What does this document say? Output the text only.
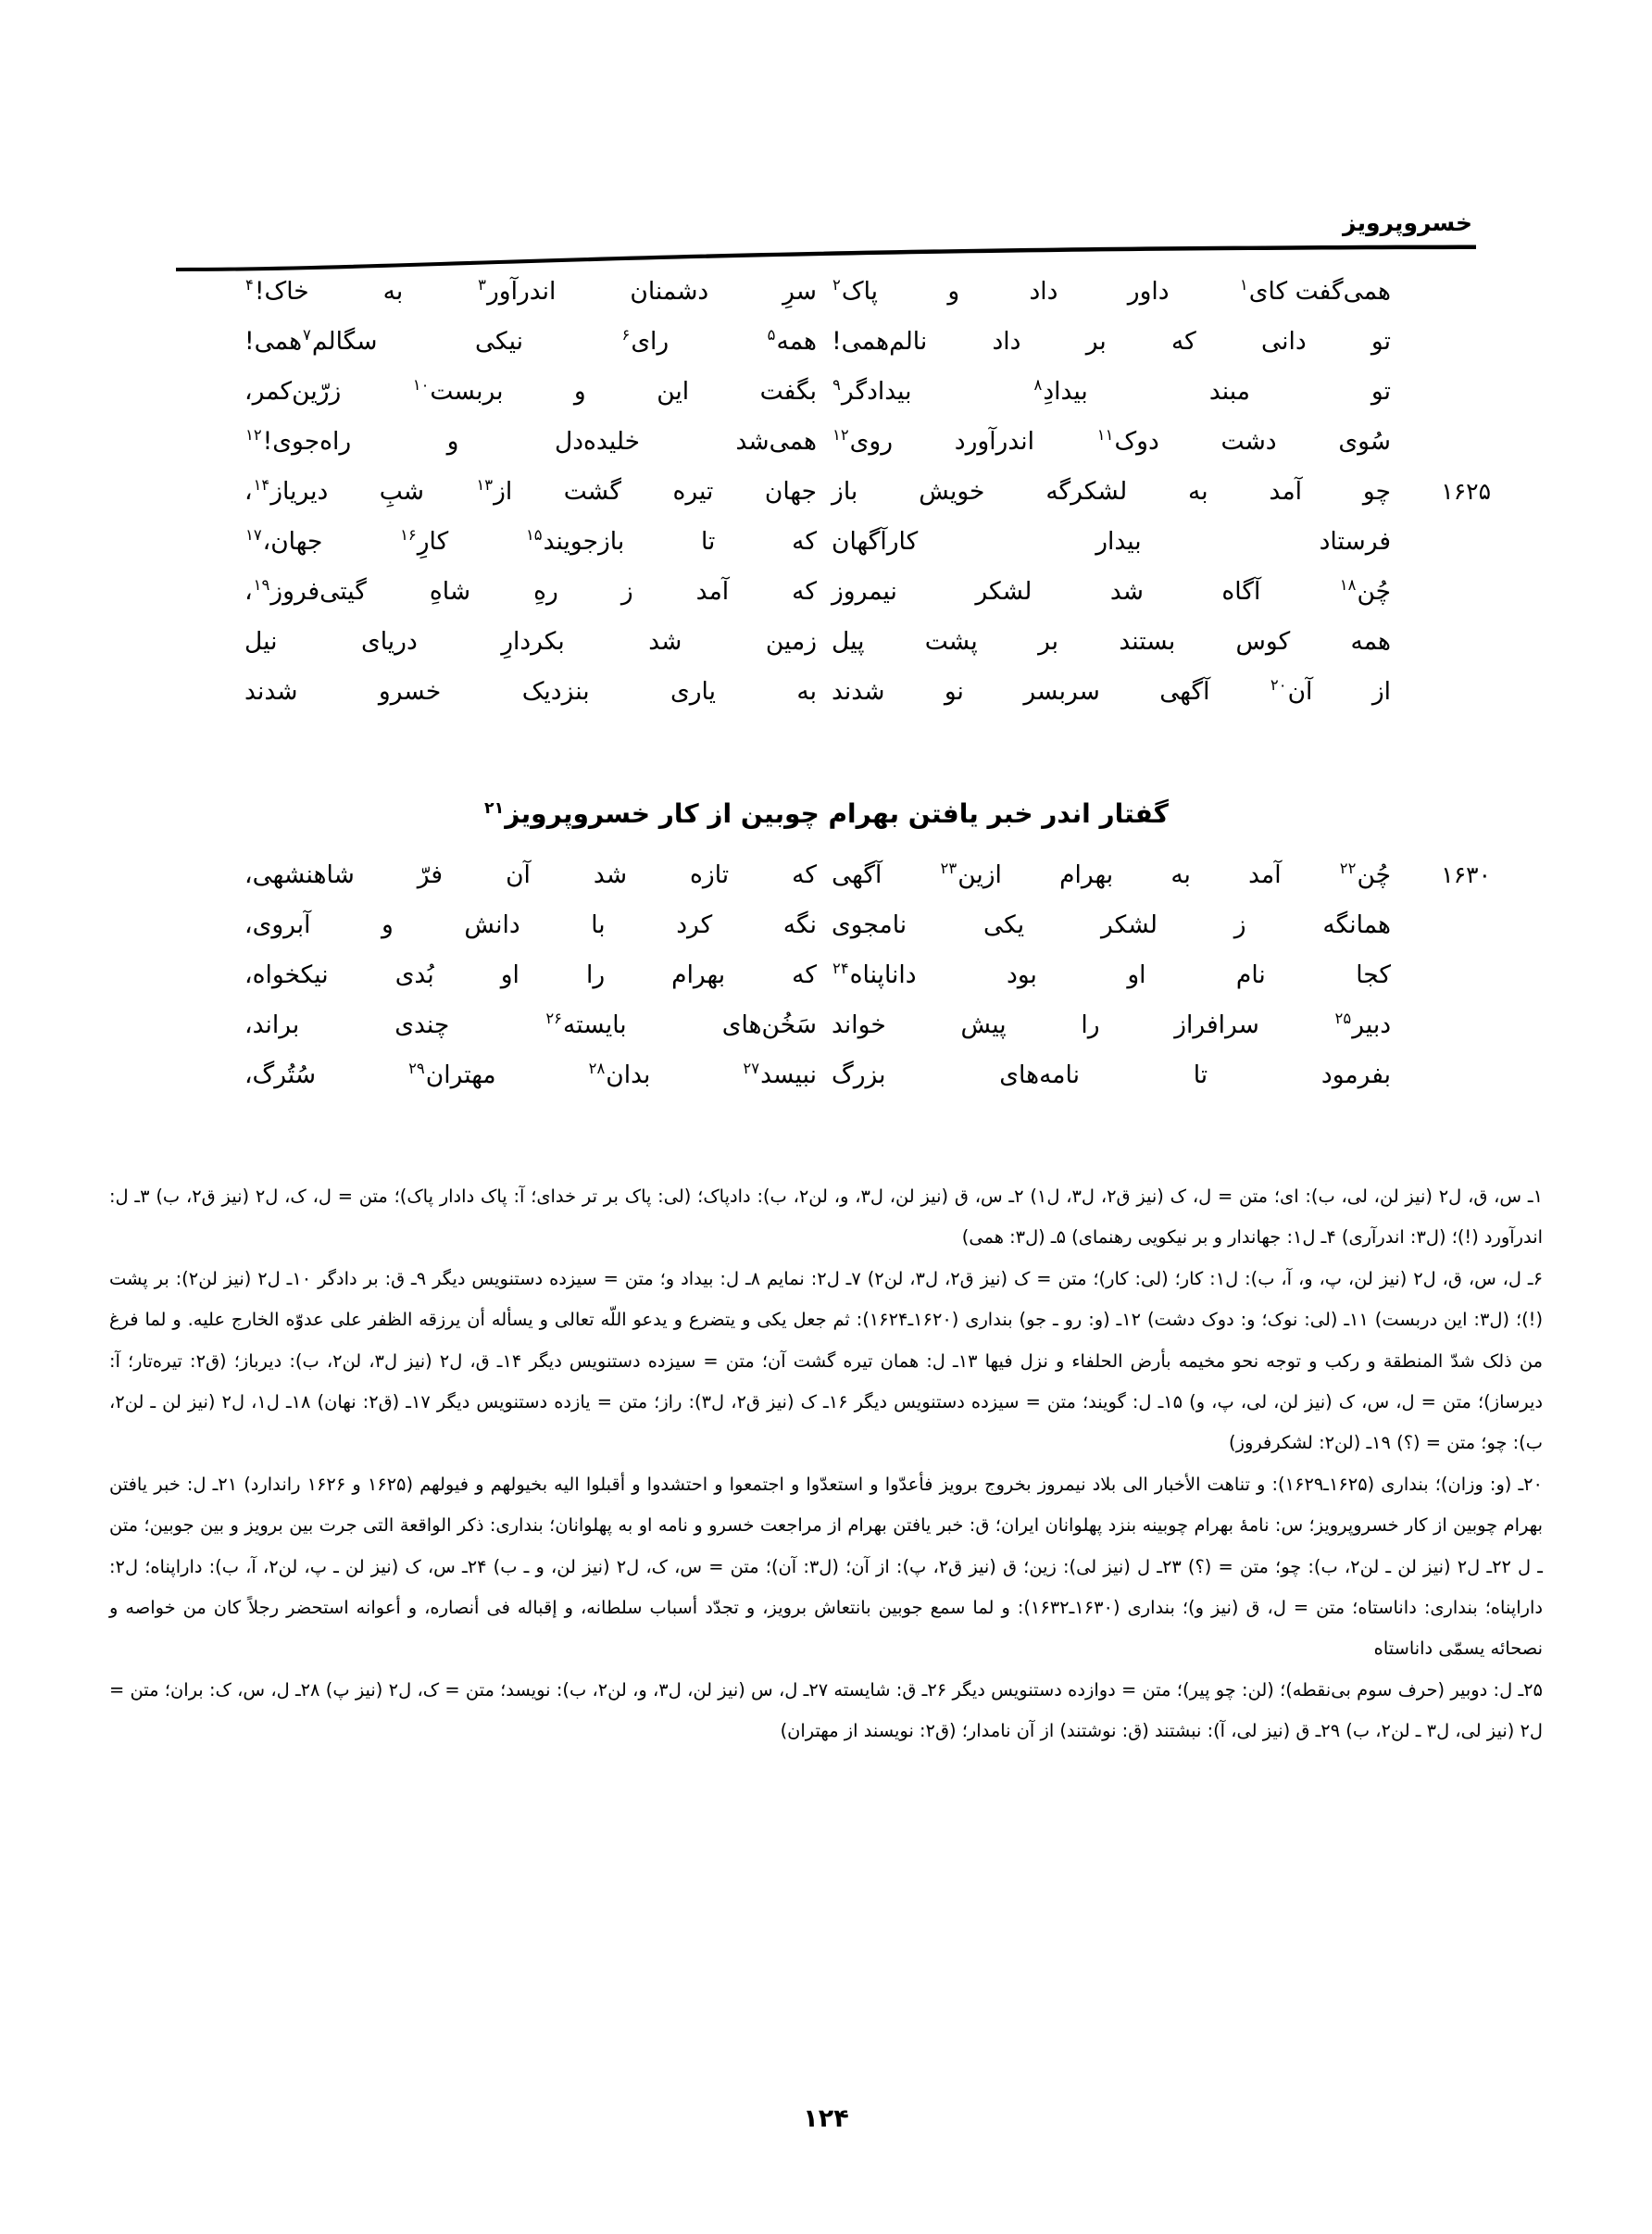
خسروپرویز
همی‌گفت کای$^۱$
داور
داد
و
پاک$^۲$
سرِ
دشمنان
اندرآور$^۳$
به
خاک!$^۴$
تو
دانی
که
بر
داد
نالم‌همی!
همه$^۵$
رای$^۶$
نیکی
سگالم$^۷$همی!
تو
مبند
بیدادِ$^۸$
بیدادگر$^۹$
بگفت
این
و
بربست$^{۱۰}$
زرّین‌کمر،
سُوی
دشت
دوک$^{۱۱}$
اندرآورد
روی$^{۱۲}$
همی‌شد
خلیده‌دل
و
راه‌جوی!$^{۱۲}$
۱۶۲۵
چو
آمد
به
لشکرگه
خویش
باز
جهان
تیره
گشت
از$^{۱۳}$
شبِ
دیریاز$^{۱۴}$،
فرستاد
بیدار
کارآگهان
که
تا
بازجویند$^{۱۵}$
کارِ$^{۱۶}$
جهان،$^{۱۷}$
چُن$^{۱۸}$
آگاه
شد
لشکر
نیمروز
که
آمد
ز
رهِ
شاهِ
گیتی‌فروز$^{۱۹}$،
همه
کوس
بستند
بر
پشت
پیل
زمین
شد
بکردارِ
دریای
نیل
از
آن$^{۲۰}$
آگهی
سربسر
نو
شدند
به
یاری
بنزدیک
خسرو
شدند
گفتار اندر خبر یافتن بهرام چوبین از کار خسروپرویز$^{۲۱}$
۱۶۳۰
چُن$^{۲۲}$
آمد
به
بهرام
ازین$^{۲۳}$
آگهی
که
تازه
شد
آن
فرّ
شاهنشهی،
همانگه
ز
لشکر
یکی
نامجوی
نگه
کرد
با
دانش
و
آبروی،
کجا
نام
او
بود
داناپناه$^{۲۴}$
که
بهرام
را
او
بُدی
نیکخواه،
دبیر$^{۲۵}$
سرافراز
را
پیش
خواند
سَخُن‌های
بایسته$^{۲۶}$
چندی
براند،
بفرمود
تا
نامه‌های
بزرگ
نبیسد$^{۲۷}$
بدان$^{۲۸}$
مهتران$^{۲۹}$
سُتُرگ،

۱ـ س، ق، ل۲ (نیز لن، لی، ب): ای؛ متن = ل، ک (نیز ق۲، ل۳، ل۱) ۲ـ س، ق (نیز لن، ل۳، و، لن۲، ب): دادپاک؛ (لی: پاک بر تر خدای؛ آ: پاک دادار پاک)؛ متن = ل، ک، ل۲ (نیز ق۲، ب) ۳ـ ل: اندرآورد (!)؛ (ل۳: اندرآری) ۴ـ ل۱: جهاندار و بر نیکویی رهنمای) ۵ـ (ل۳: همی)

۶ـ ل، س، ق، ل۲ (نیز لن، پ، و، آ، ب): ل۱: کار؛ (لی: کار)؛ متن = ک (نیز ق۲، ل۳، لن۲) ۷ـ ل۲: نمایم ۸ـ ل: بیداد و؛ متن = سیزده دستنویس دیگر ۹ـ ق: بر دادگر ۱۰ـ ل۲ (نیز لن۲): بر پشت (!)؛ (ل۳: این دربست) ۱۱ـ (لی: نوک؛ و: دوک دشت) ۱۲ـ (و: رو ـ جو) بنداری (۱۶۲۰ـ۱۶۲۴): ثم جعل یکی و یتضرع و یدعو اللّه تعالی و یسأله أن یرزقه الظفر علی عدوّه الخارج علیه. و لما فرغ من ذلک شدّ المنطقة و رکب و توجه نحو مخیمه بأرض الحلفاء و نزل فیها ۱۳ـ ل: همان تیره گشت آن؛ متن = سیزده دستنویس دیگر ۱۴ـ ق، ل۲ (نیز ل۳، لن۲، ب): دیرباز؛ (ق۲: تیره‌تار؛ آ: دیرساز)؛ متن = ل، س، ک (نیز لن، لی، پ، و) ۱۵ـ ل: گویند؛ متن = سیزده دستنویس دیگر ۱۶ـ ک (نیز ق۲، ل۳): راز؛ متن = یازده دستنویس دیگر ۱۷ـ (ق۲: نهان) ۱۸ـ ل۱، ل۲ (نیز لن ـ لن۲، ب): چو؛ متن = (؟) ۱۹ـ (لن۲: لشکرفروز)

۲۰ـ (و: وزان)؛ بنداری (۱۶۲۵ـ۱۶۲۹): و تناهت الأخبار الی بلاد نیمروز بخروج برویز فأعدّوا و استعدّوا و اجتمعوا و احتشدوا و أقبلوا الیه بخیولهم و فیولهم (۱۶۲۵ و ۱۶۲۶ راندارد) ۲۱ـ ل: خبر یافتن بهرام چوبین از کار خسروپرویز؛ س: نامهٔ بهرام چوبینه بنزد پهلوانان ایران؛ ق: خبر یافتن بهرام از مراجعت خسرو و نامه او به پهلوانان؛ بنداری: ذکر الواقعة التی جرت بین برویز و بین جوبین؛ متن ـ ل ۲۲ـ ل۲ (نیز لن ـ لن۲، ب): چو؛ متن = (؟) ۲۳ـ ل (نیز لی): زین؛ ق (نیز ق۲، پ): از آن؛ (ل۳: آن)؛ متن = س، ک، ل۲ (نیز لن، و ـ ب) ۲۴ـ س، ک (نیز لن ـ پ، لن۲، آ، ب): داراپناه؛ ل۲: داراپناه؛ بنداری: داناستاه؛ متن = ل، ق (نیز و)؛ بنداری (۱۶۳۰ـ۱۶۳۲): و لما سمع جوبین بانتعاش برویز، و تجدّد أسباب سلطانه، و إقباله فی أنصاره، و أعوانه استحضر رجلاً کان من خواصه و نصحائه یسمّی داناستاه

۲۵ـ ل: دوبیر (حرف سوم بی‌نقطه)؛ (لن: چو پیر)؛ متن = دوازده دستنویس دیگر ۲۶ـ ق: شایسته ۲۷ـ ل، س (نیز لن، ل۳، و، لن۲، ب): نویسد؛ متن = ک، ل۲ (نیز پ) ۲۸ـ ل، س، ک: بران؛ متن = ل۲ (نیز لی، ل۳ ـ لن۲، ب) ۲۹ـ ق (نیز لی، آ): نبشتند (ق: نوشتند) از آن نامدار؛ (ق۲: نویسند از مهتران)

۱۲۴
